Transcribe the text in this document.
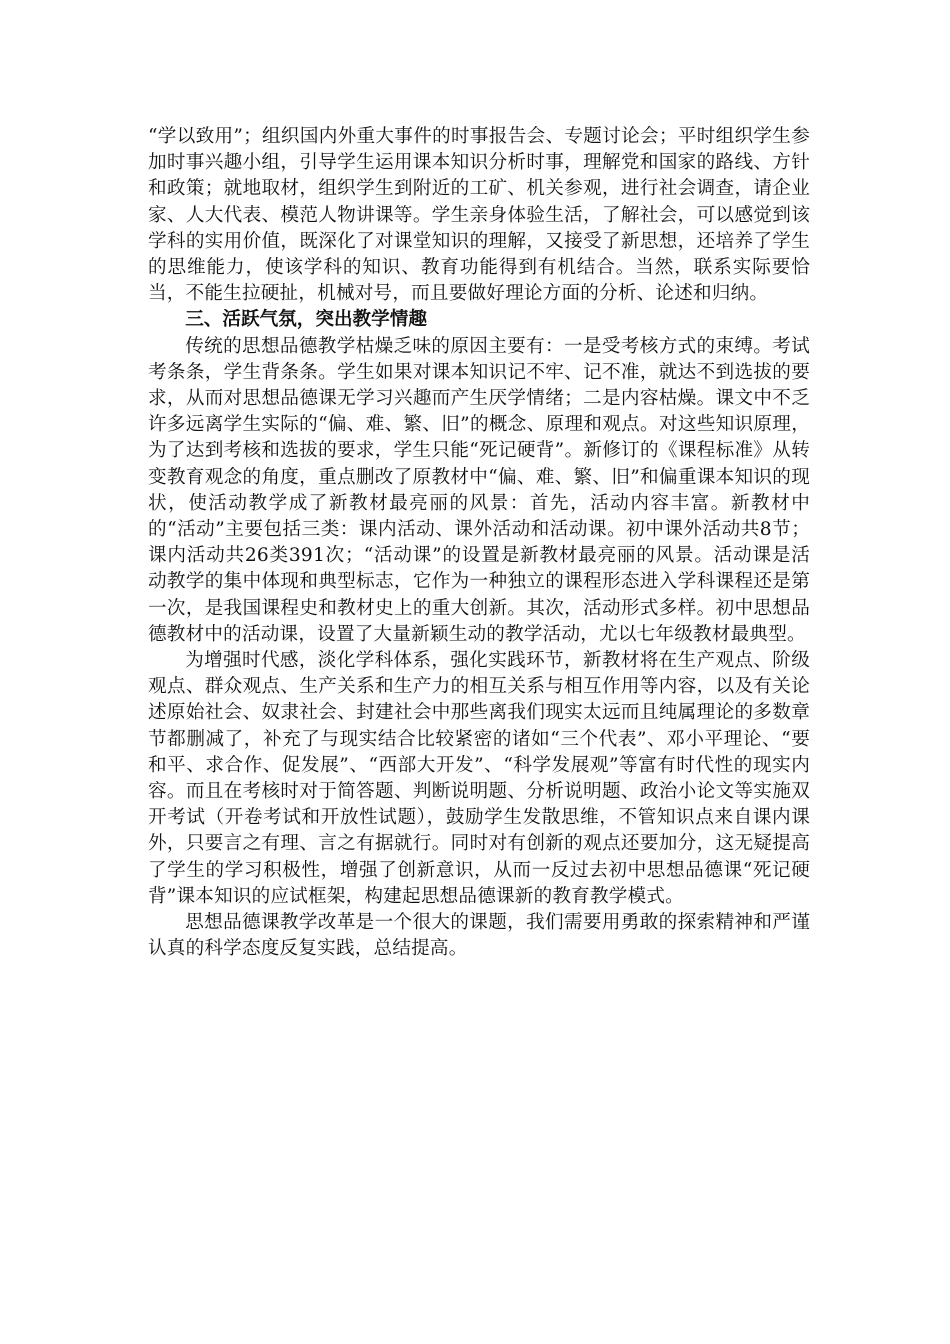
“学以致用”；组织国内外重大事件的时事报告会、专题讨论会；平时组织学生参加时事兴趣小组，引导学生运用课本知识分析时事，理解党和国家的路线、方针和政策；就地取材，组织学生到附近的工矿、机关参观，进行社会调查，请企业家、人大代表、模范人物讲课等。学生亲身体验生活，了解社会，可以感觉到该学科的实用价值，既深化了对课堂知识的理解，又接受了新思想，还培养了学生的思维能力，使该学科的知识、教育功能得到有机结合。当然，联系实际要恰当，不能生拉硬扯，机械对号，而且要做好理论方面的分析、论述和归纳。

三、活跃气氛，突出教学情趣

传统的思想品德教学枯燥乏味的原因主要有：一是受考核方式的束缚。考试考条条，学生背条条。学生如果对课本知识记不牢、记不准，就达不到选拔的要求，从而对思想品德课无学习兴趣而产生厌学情绪；二是内容枯燥。课文中不乏许多远离学生实际的“偏、难、繁、旧”的概念、原理和观点。对这些知识原理，为了达到考核和选拔的要求，学生只能“死记硬背”。新修订的《课程标准》从转变教育观念的角度，重点删改了原教材中“偏、难、繁、旧”和偏重课本知识的现状，使活动教学成了新教材最亮丽的风景：首先，活动内容丰富。新教材中的“活动”主要包括三类：课内活动、课外活动和活动课。初中课外活动共8节；课内活动共26类391次；“活动课”的设置是新教材最亮丽的风景。活动课是活动教学的集中体现和典型标志，它作为一种独立的课程形态进入学科课程还是第一次，是我国课程史和教材史上的重大创新。其次，活动形式多样。初中思想品德教材中的活动课，设置了大量新颖生动的教学活动，尤以七年级教材最典型。

为增强时代感，淡化学科体系，强化实践环节，新教材将在生产观点、阶级观点、群众观点、生产关系和生产力的相互关系与相互作用等内容，以及有关论述原始社会、奴隶社会、封建社会中那些离我们现实太远而且纯属理论的多数章节都删减了，补充了与现实结合比较紧密的诸如“三个代表”、邓小平理论、“要和平、求合作、促发展”、“西部大开发”、“科学发展观”等富有时代性的现实内容。而且在考核时对于简答题、判断说明题、分析说明题、政治小论文等实施双开考试（开卷考试和开放性试题），鼓励学生发散思维，不管知识点来自课内课外，只要言之有理、言之有据就行。同时对有创新的观点还要加分，这无疑提高了学生的学习积极性，增强了创新意识，从而一反过去初中思想品德课“死记硬背”课本知识的应试框架，构建起思想品德课新的教育教学模式。

思想品德课教学改革是一个很大的课题，我们需要用勇敢的探索精神和严谨认真的科学态度反复实践，总结提高。
